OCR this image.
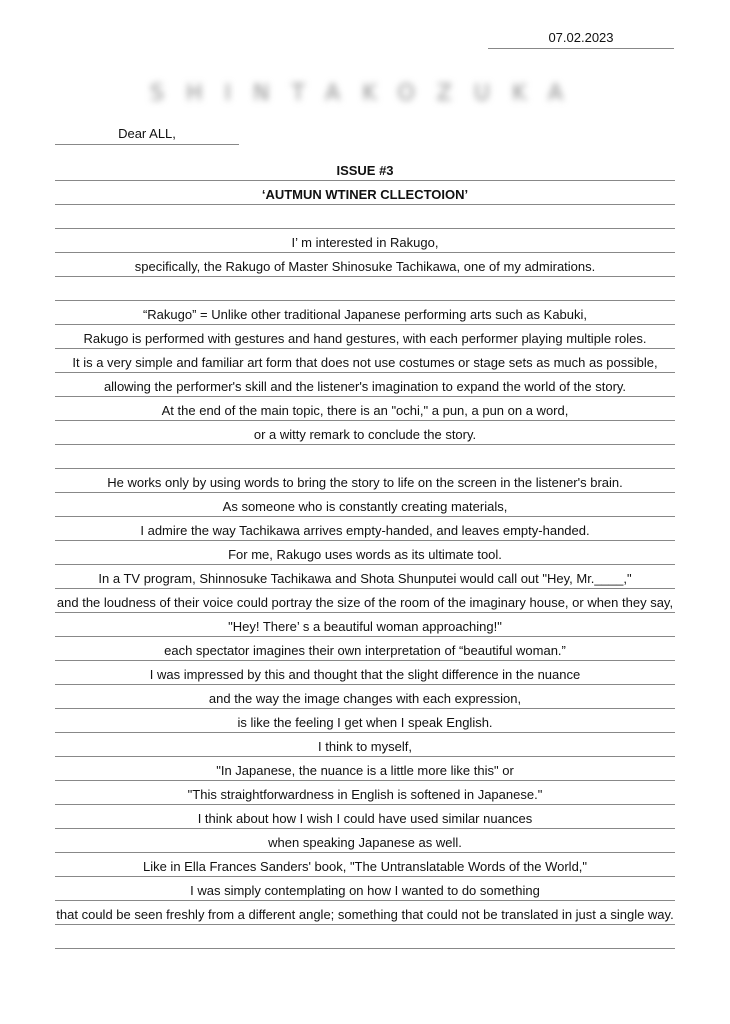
07.02.2023
SHINTAKOZUKA
Dear ALL,
ISSUE #3
‘AUTMUN WTINER CLLECTOION’
I’ m interested in Rakugo,
specifically, the Rakugo of Master Shinosuke Tachikawa, one of my admirations.
“Rakugo” = Unlike other traditional Japanese performing arts such as Kabuki,
Rakugo is performed with gestures and hand gestures, with each performer playing multiple roles.
It is a very simple and familiar art form that does not use costumes or stage sets as much as possible,
allowing the performer's skill and the listener's imagination to expand the world of the story.
At the end of the main topic, there is an "ochi," a pun, a pun on a word,
or a witty remark to conclude the story.
He works only by using words to bring the story to life on the screen in the listener's brain.
As someone who is constantly creating materials,
I admire the way Tachikawa arrives empty-handed, and leaves empty-handed.
For me, Rakugo uses words as its ultimate tool.
In a TV program, Shinnosuke Tachikawa and Shota Shunputei would call out "Hey, Mr.____,"
and the loudness of their voice could portray the size of the room of the imaginary house, or when they say,
"Hey! There’ s a beautiful woman approaching!"
each spectator imagines their own interpretation of “beautiful woman.”
I was impressed by this and thought that the slight difference in the nuance
and the way the image changes with each expression,
is like the feeling I get when I speak English.
I think to myself,
"In Japanese, the nuance is a little more like this" or
"This straightforwardness in English is softened in Japanese."
I think about how I wish I could have used similar nuances
when speaking Japanese as well.
Like in Ella Frances Sanders' book, "The Untranslatable Words of the World,"
I was simply contemplating on how I wanted to do something
that could be seen freshly from a different angle; something that could not be translated in just a single way.
